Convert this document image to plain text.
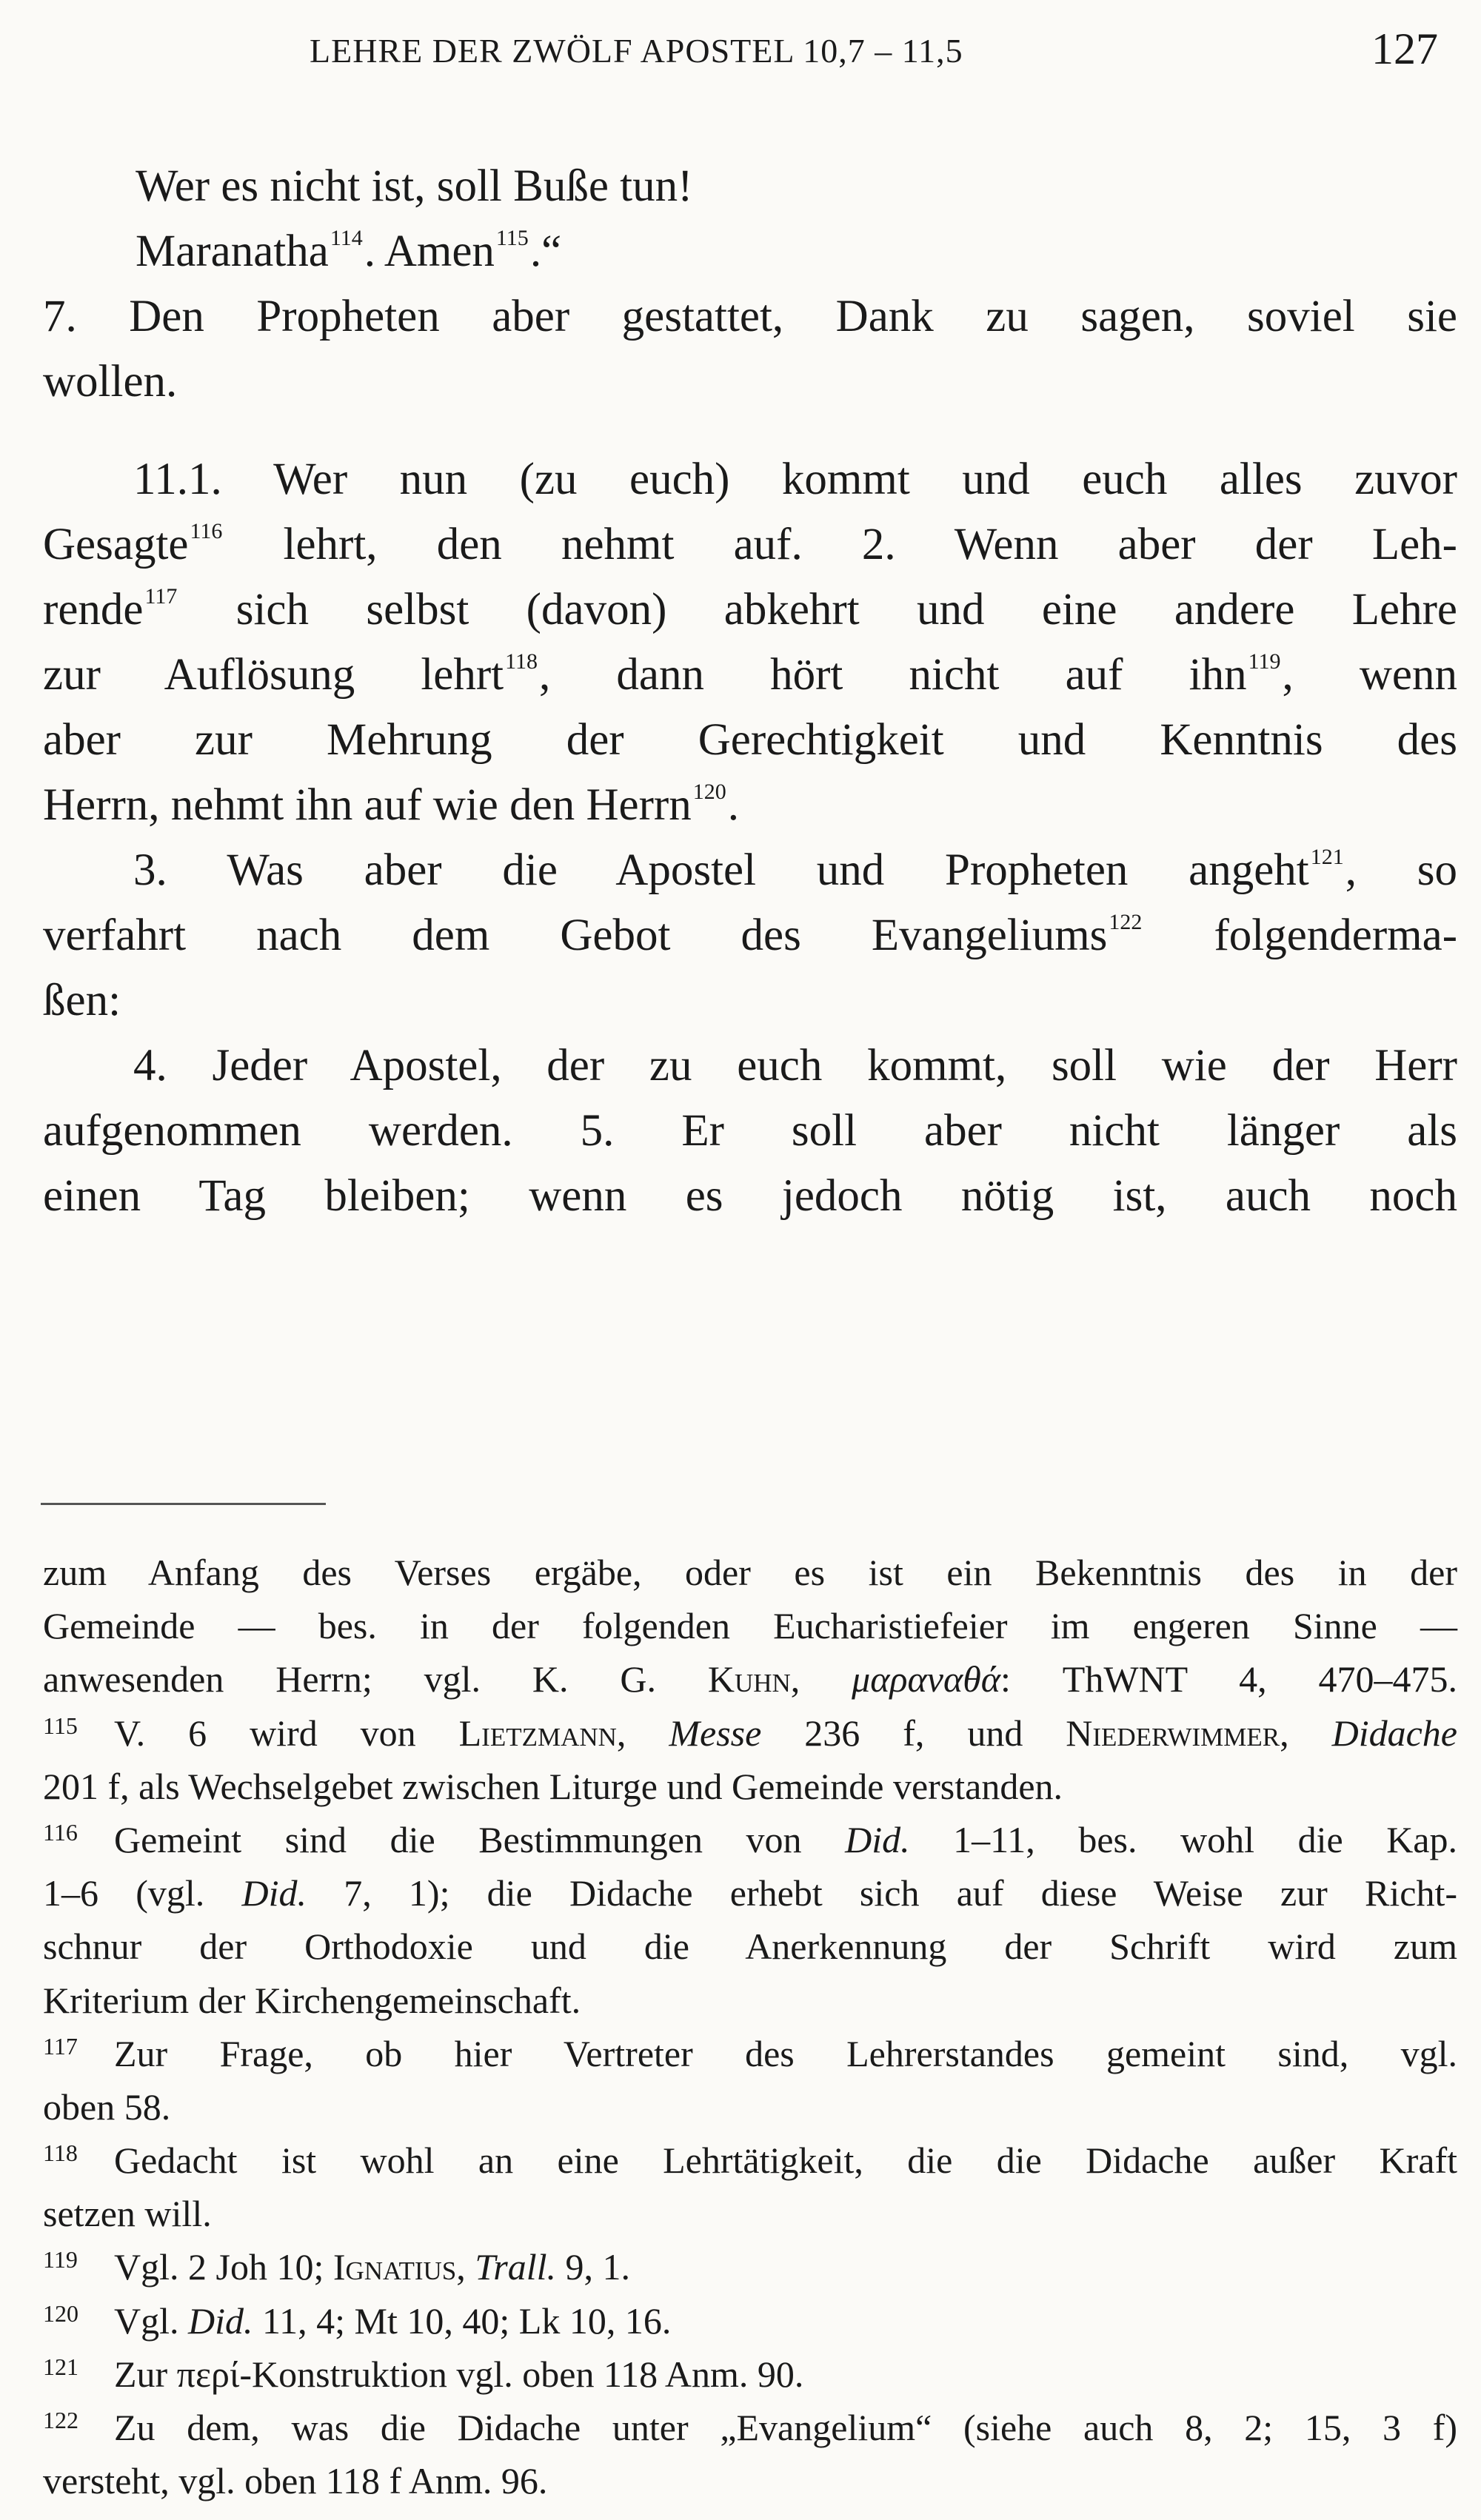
LEHRE DER ZWÖLF APOSTEL 10,7 – 11,5	127
Wer es nicht ist, soll Buße tun!
Maranatha$^{114}$. Amen$^{115}$.“
7. Den Propheten aber gestattet, Dank zu sagen, soviel sie
wollen.
11.1. Wer nun (zu euch) kommt und euch alles zuvor
Gesagte$^{116}$ lehrt, den nehmt auf. 2. Wenn aber der Leh-
rende$^{117}$ sich selbst (davon) abkehrt und eine andere Lehre
zur Auflösung lehrt$^{118}$, dann hört nicht auf ihn$^{119}$, wenn
aber zur Mehrung der Gerechtigkeit und Kenntnis des
Herrn, nehmt ihn auf wie den Herrn$^{120}$.
3. Was aber die Apostel und Propheten angeht$^{121}$, so
verfahrt nach dem Gebot des Evangeliums$^{122}$ folgenderma-
ßen:
4. Jeder Apostel, der zu euch kommt, soll wie der Herr
aufgenommen werden. 5. Er soll aber nicht länger als
einen Tag bleiben; wenn es jedoch nötig ist, auch noch
zum Anfang des Verses ergäbe, oder es ist ein Bekenntnis des in der
Gemeinde — bes. in der folgenden Eucharistiefeier im engeren Sinne —
anwesenden Herrn; vgl. K. G. Kuhn, μαραναθά: ThWNT 4, 470–475.
115 V. 6 wird von Lietzmann, Messe 236 f, und Niederwimmer, Didache
201 f, als Wechselgebet zwischen Liturge und Gemeinde verstanden.
116 Gemeint sind die Bestimmungen von Did. 1–11, bes. wohl die Kap.
1–6 (vgl. Did. 7, 1); die Didache erhebt sich auf diese Weise zur Richt-
schnur der Orthodoxie und die Anerkennung der Schrift wird zum
Kriterium der Kirchengemeinschaft.
117 Zur Frage, ob hier Vertreter des Lehrerstandes gemeint sind, vgl.
oben 58.
118 Gedacht ist wohl an eine Lehrtätigkeit, die die Didache außer Kraft
setzen will.
119 Vgl. 2 Joh 10; Ignatius, Trall. 9, 1.
120 Vgl. Did. 11, 4; Mt 10, 40; Lk 10, 16.
121 Zur περί-Konstruktion vgl. oben 118 Anm. 90.
122 Zu dem, was die Didache unter „Evangelium“ (siehe auch 8, 2; 15, 3 f)
versteht, vgl. oben 118 f Anm. 96.
